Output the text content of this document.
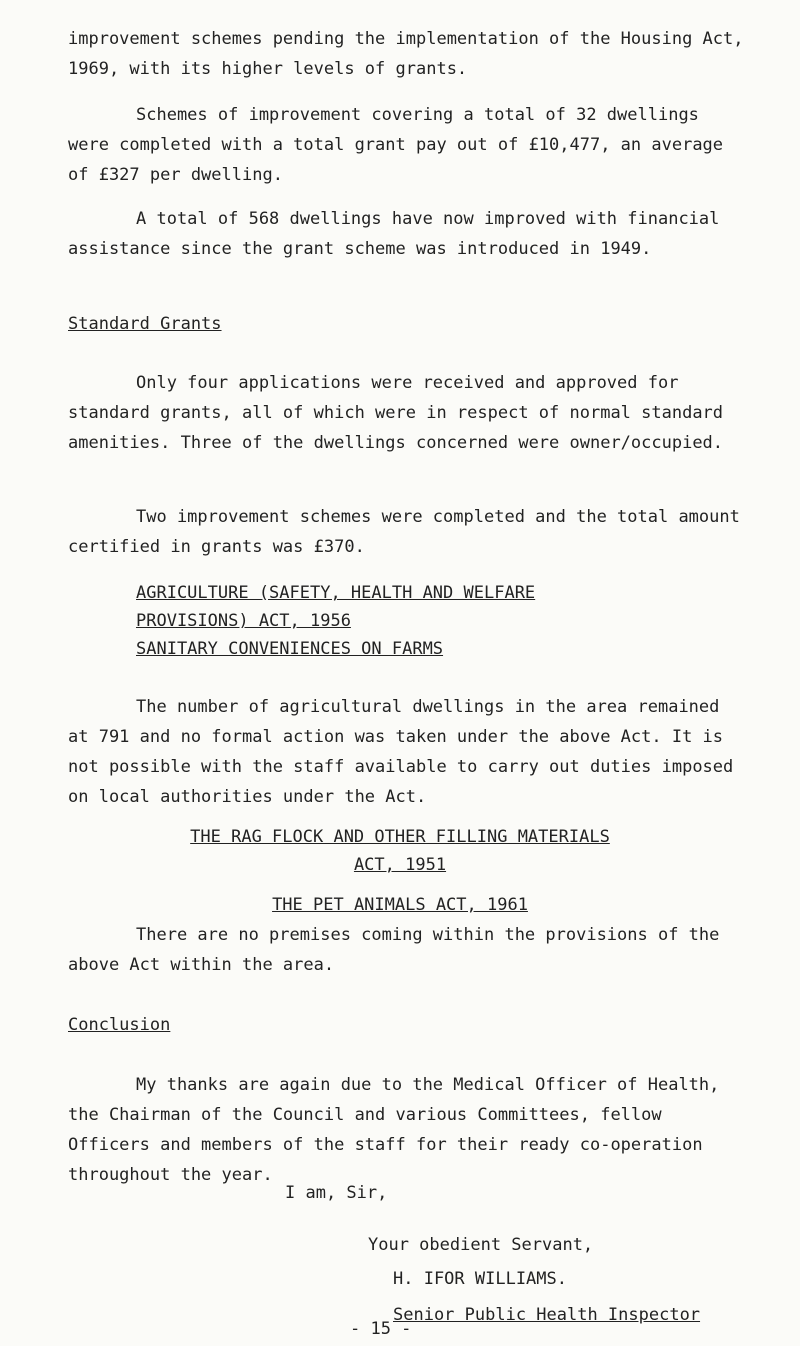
improvement schemes pending the implementation of the Housing Act, 1969, with its higher levels of grants.

Schemes of improvement covering a total of 32 dwellings were completed with a total grant pay out of £10,477, an average of £327 per dwelling.

A total of 568 dwellings have now improved with financial assistance since the grant scheme was introduced in 1949.

Standard Grants

Only four applications were received and approved for standard grants, all of which were in respect of normal standard amenities. Three of the dwellings concerned were owner/occupied.

Two improvement schemes were completed and the total amount certified in grants was £370.

AGRICULTURE (SAFETY, HEALTH AND WELFARE

PROVISIONS) ACT, 1956

SANITARY CONVENIENCES ON FARMS

The number of agricultural dwellings in the area remained at 791 and no formal action was taken under the above Act. It is not possible with the staff available to carry out duties imposed on local authorities under the Act.

THE RAG FLOCK AND OTHER FILLING MATERIALS

ACT, 1951

THE PET ANIMALS ACT, 1961

There are no premises coming within the provisions of the above Act within the area.

Conclusion

My thanks are again due to the Medical Officer of Health, the Chairman of the Council and various Committees, fellow Officers and members of the staff for their ready co-operation throughout the year.

I am, Sir,

Your obedient Servant,

H. IFOR WILLIAMS.

Senior Public Health Inspector

- 15 -
